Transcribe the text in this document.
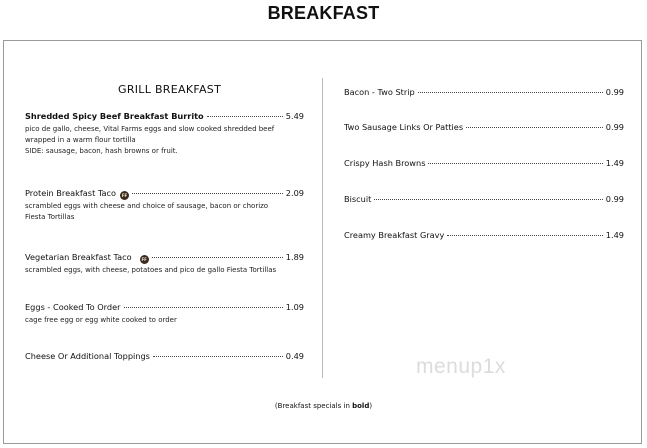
BREAKFAST
GRILL BREAKFAST
Shredded Spicy Beef Breakfast Burrito	5.49
pico de gallo, cheese, Vital Farms eggs and slow cooked shredded beef
wrapped in a warm flour tortilla
SIDE: sausage, bacon, hash browns or fruit.
Protein Breakfast Taco	FF	2.09
scrambled eggs with cheese and choice of sausage, bacon or chorizo
Fiesta Tortillas
Vegetarian Breakfast Taco	FF	1.89
scrambled eggs, with cheese, potatoes and pico de gallo Fiesta Tortillas
Eggs - Cooked To Order	1.09
cage free egg or egg white cooked to order
Cheese Or Additional Toppings	0.49
Bacon - Two Strip	0.99
Two Sausage Links Or Patties	0.99
Crispy Hash Browns	1.49
Biscuit	0.99
Creamy Breakfast Gravy	1.49
menup1x
(Breakfast specials in bold)
